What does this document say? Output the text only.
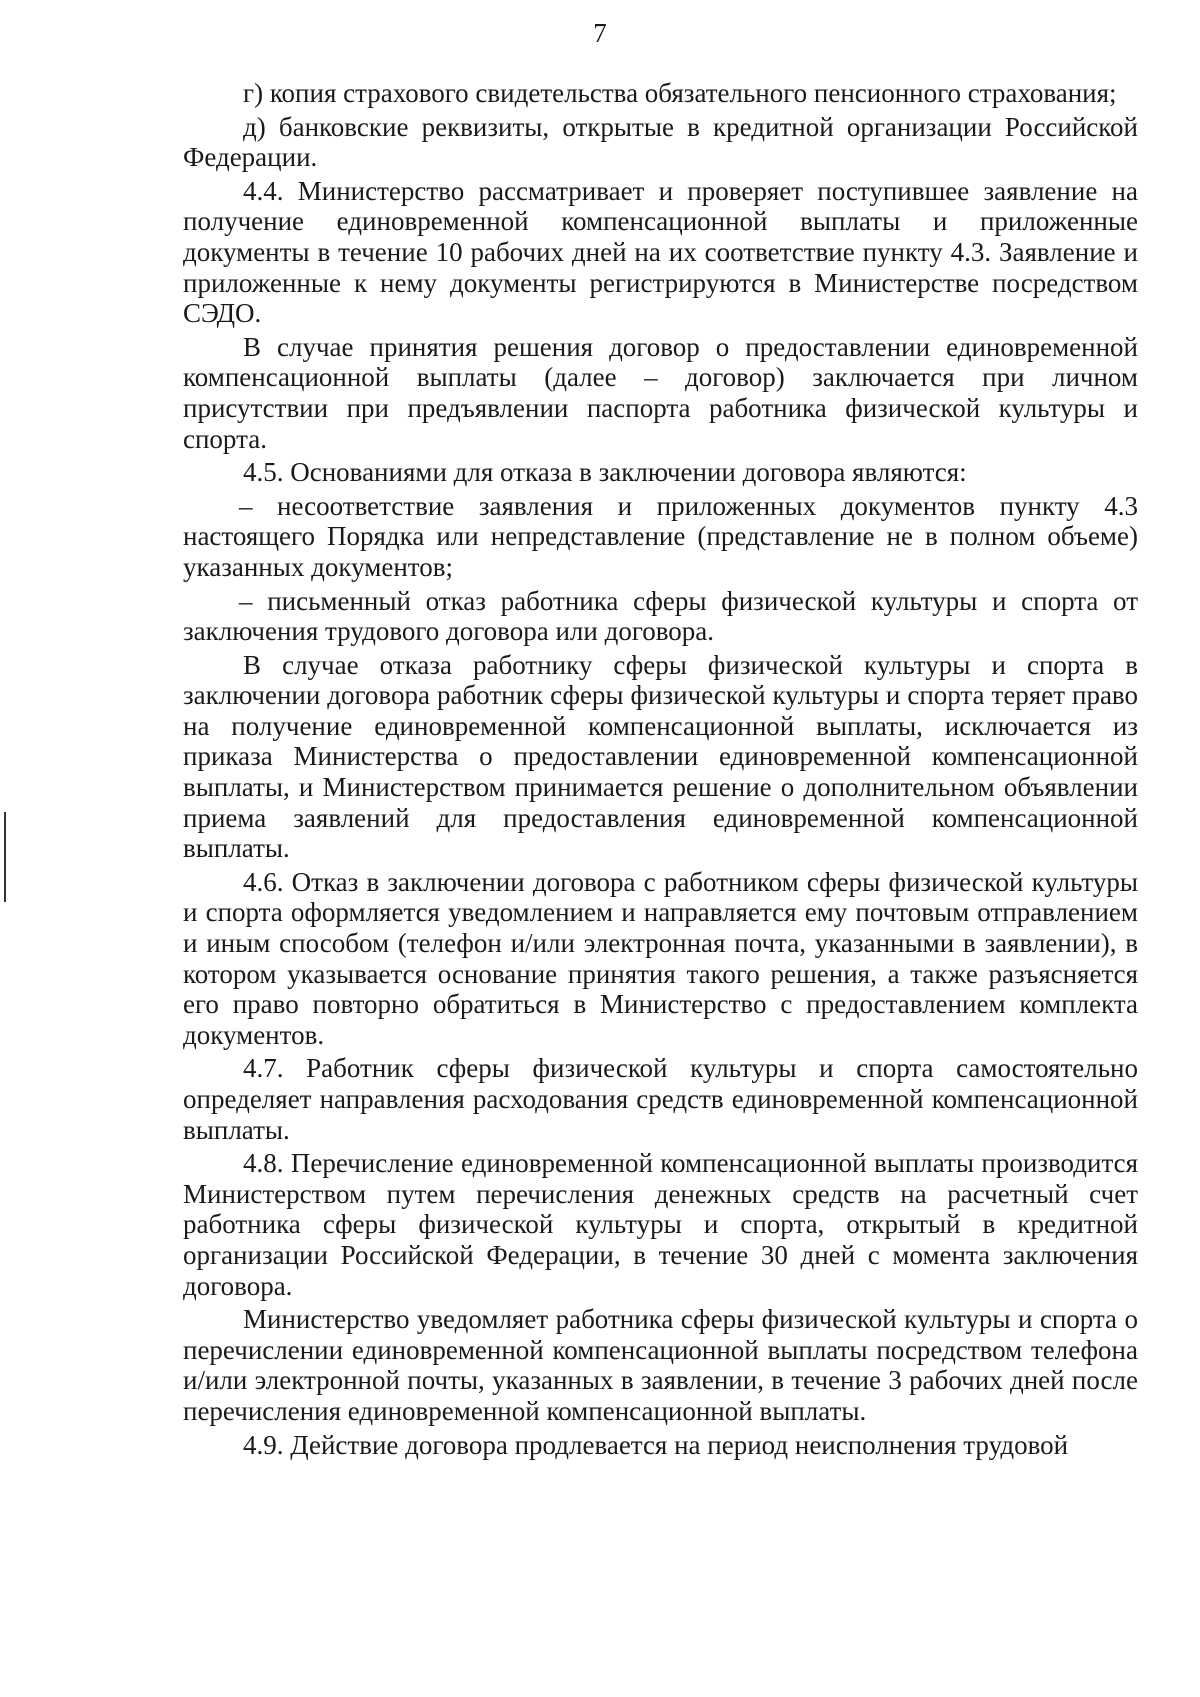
7

г) копия страхового свидетельства обязательного пенсионного страхования;

д) банковские реквизиты, открытые в кредитной организации Российской Федерации.

4.4. Министерство рассматривает и проверяет поступившее заявление на получение единовременной компенсационной выплаты и приложенные документы в течение 10 рабочих дней на их соответствие пункту 4.3. Заявление и приложенные к нему документы регистрируются в Министерстве посредством СЭДО.

В случае принятия решения договор о предоставлении единовременной компенсационной выплаты (далее – договор) заключается при личном присутствии при предъявлении паспорта работника физической культуры и спорта.

4.5. Основаниями для отказа в заключении договора являются:

– несоответствие заявления и приложенных документов пункту 4.3 настоящего Порядка или непредставление (представление не в полном объеме) указанных документов;

– письменный отказ работника сферы физической культуры и спорта от заключения трудового договора или договора.

В случае отказа работнику сферы физической культуры и спорта в заключении договора работник сферы физической культуры и спорта теряет право на получение единовременной компенсационной выплаты, исключается из приказа Министерства о предоставлении единовременной компенсационной выплаты, и Министерством принимается решение о дополнительном объявлении приема заявлений для предоставления единовременной компенсационной выплаты.

4.6. Отказ в заключении договора с работником сферы физической культуры и спорта оформляется уведомлением и направляется ему почтовым отправлением и иным способом (телефон и/или электронная почта, указанными в заявлении), в котором указывается основание принятия такого решения, а также разъясняется его право повторно обратиться в Министерство с предоставлением комплекта документов.

4.7. Работник сферы физической культуры и спорта самостоятельно определяет направления расходования средств единовременной компенсационной выплаты.

4.8. Перечисление единовременной компенсационной выплаты производится Министерством путем перечисления денежных средств на расчетный счет работника сферы физической культуры и спорта, открытый в кредитной организации Российской Федерации, в течение 30 дней с момента заключения договора.

Министерство уведомляет работника сферы физической культуры и спорта о перечислении единовременной компенсационной выплаты посредством телефона и/или электронной почты, указанных в заявлении, в течение 3 рабочих дней после перечисления единовременной компенсационной выплаты.

4.9. Действие договора продлевается на период неисполнения трудовой
